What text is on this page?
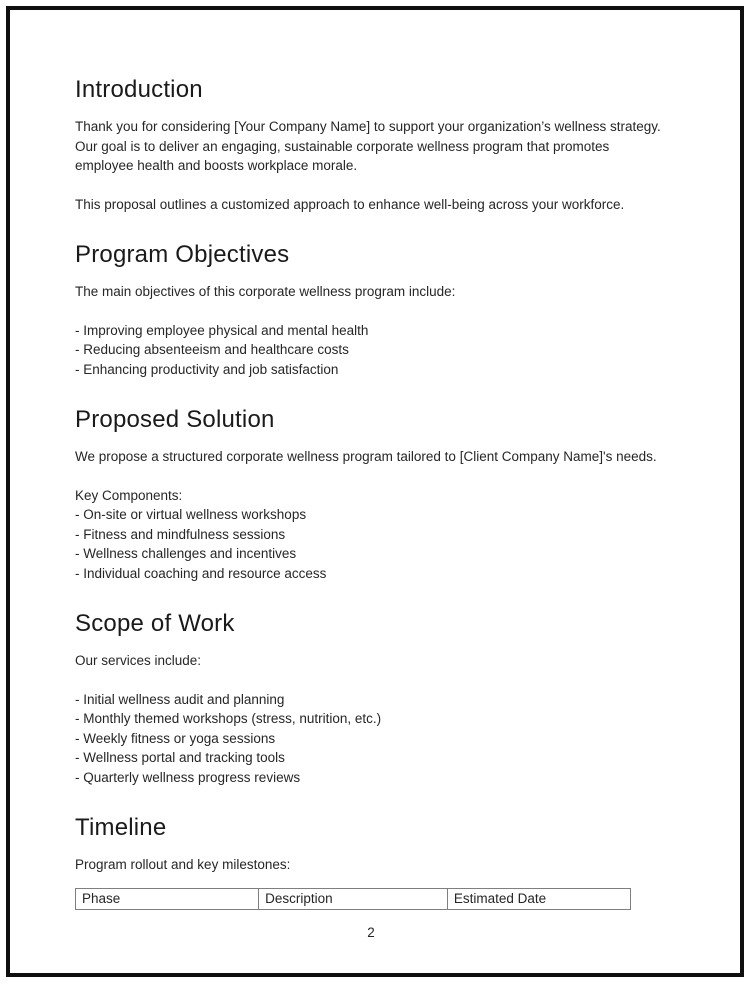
Introduction

Thank you for considering [Your Company Name] to support your organization’s wellness strategy. Our goal is to deliver an engaging, sustainable corporate wellness program that promotes employee health and boosts workplace morale.

This proposal outlines a customized approach to enhance well-being across your workforce.

Program Objectives

The main objectives of this corporate wellness program include:

- Improving employee physical and mental health
- Reducing absenteeism and healthcare costs
- Enhancing productivity and job satisfaction
Proposed Solution

We propose a structured corporate wellness program tailored to [Client Company Name]'s needs.

Key Components:
- On-site or virtual wellness workshops
- Fitness and mindfulness sessions
- Wellness challenges and incentives
- Individual coaching and resource access
Scope of Work

Our services include:

- Initial wellness audit and planning
- Monthly themed workshops (stress, nutrition, etc.)
- Weekly fitness or yoga sessions
- Wellness portal and tracking tools
- Quarterly wellness progress reviews
Timeline

Program rollout and key milestones:

Phase	Description	Estimated Date
2
